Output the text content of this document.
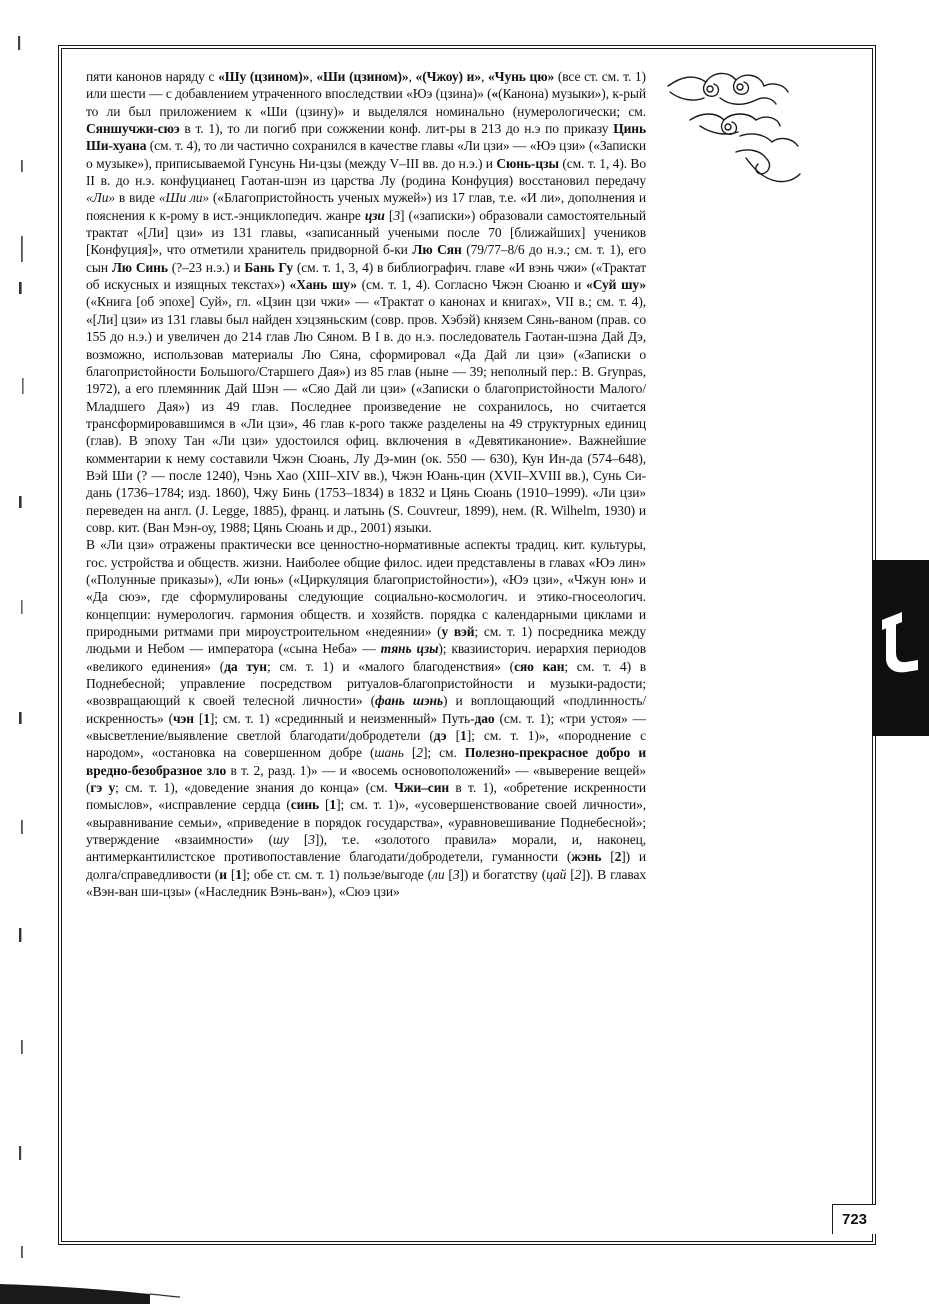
пяти канонов наряду с «Шу (цзином)», «Ши (цзином)», «(Чжоу) и», «Чунь цю» (все ст. см. т. 1) или шести — с добавлением утраченного впоследствии «Юэ (цзина)» («(Канона) музыки»), к-рый то ли был приложением к «Ши (цзину)» и выделялся номинально (нумерологически; см. Сяншучжи-сюэ в т. 1), то ли погиб при сожжении конф. лит-ры в 213 до н.э по приказу Цинь Ши-хуана (см. т. 4), то ли частично сохранился в качестве главы «Ли цзи» — «Юэ цзи» («Записки о музыке»), приписываемой Гунсунь Ни-цзы (между V–III вв. до н.э.) и Сюнь-цзы (см. т. 1, 4). Во II в. до н.э. конфуцианец Гаотан-шэн из царства Лу (родина Конфуция) восстановил передачу «Ли» в виде «Ши ли» («Благопристойность ученых мужей») из 17 глав, т.е. «И ли», дополнения и пояснения к к-рому в ист.-энциклопедич. жанре цзи [3] («записки») образовали самостоятельный трактат «[Ли] цзи» из 131 главы, «записанный учеными после 70 [ближайших] учеников [Конфуция]», что отметили хранитель придворной б-ки Лю Сян (79/77–8/6 до н.э.; см. т. 1), его сын Лю Синь (?–23 н.э.) и Бань Гу (см. т. 1, 3, 4) в библиографич. главе «И вэнь чжи» («Трактат об искусных и изящных текстах») «Хань шу» (см. т. 1, 4). Согласно Чжэн Сюаню и «Суй шу» («Книга [об эпохе] Суй», гл. «Цзин цзи чжи» — «Трактат о канонах и книгах», VII в.; см. т. 4), «[Ли] цзи» из 131 главы был найден хэцзяньским (совр. пров. Хэбэй) князем Сянь-ваном (прав. со 155 до н.э.) и увеличен до 214 глав Лю Сяном. В I в. до н.э. последователь Гаотан-шэна Дай Дэ, возможно, использовав материалы Лю Сяна, сформировал «Да Дай ли цзи» («Записки о благопристойности Большого/Старшего Дая») из 85 глав (ныне — 39; неполный пер.: B. Grynpas, 1972), а его племянник Дай Шэн — «Сяо Дай ли цзи» («Записки о благопристойности Малого/Младшего Дая») из 49 глав. Последнее произведение не сохранилось, но считается трансформировавшимся в «Ли цзи», 46 глав к-рого также разделены на 49 структурных единиц (глав). В эпоху Тан «Ли цзи» удостоился офиц. включения в «Девятиканоние». Важнейшие комментарии к нему составили Чжэн Сюань, Лу Дэ-мин (ок. 550 — 630), Кун Ин-да (574–648), Вэй Ши (? — после 1240), Чэнь Хао (XIII–XIV вв.), Чжэн Юань-цин (XVII–XVIII вв.), Сунь Си-дань (1736–1784; изд. 1860), Чжу Бинь (1753–1834) в 1832 и Цянь Сюань (1910–1999). «Ли цзи» переведен на англ. (J. Legge, 1885), франц. и латынь (S. Couvreur, 1899), нем. (R. Wilhelm, 1930) и совр. кит. (Ван Мэн-оу, 1988; Цянь Сюань и др., 2001) языки.

В «Ли цзи» отражены практически все ценностно-нормативные аспекты традиц. кит. культуры, гос. устройства и обществ. жизни. Наиболее общие филос. идеи представлены в главах «Юэ лин» («Полунные приказы»), «Ли юнь» («Циркуляция благопристойности»), «Юэ цзи», «Чжун юн» и «Да сюэ», где сформулированы следующие социально-космологич. и этико-гносеологич. концепции: нумерологич. гармония обществ. и хозяйств. порядка с календарными циклами и природными ритмами при мироустроительном «недеянии» (у вэй; см. т. 1) посредника между людьми и Небом — императора («сына Неба» — тянь цзы); квазиисторич. иерархия периодов «великого единения» (да тун; см. т. 1) и «малого благоденствия» (сяо кан; см. т. 4) в Поднебесной; управление посредством ритуалов-благопристойности и музыки-радости; «возвращающий к своей телесной личности» (фань шэнь) и воплощающий «подлинность/искренность» (чэн [1]; см. т. 1) «срединный и неизменный» Путь-дао (см. т. 1); «три устоя» — «высветление/выявление светлой благодати/добродетели (дэ [1]; см. т. 1)», «породнение с народом», «остановка на совершенном добре (шань [2]; см. Полезно-прекрасное добро и вредно-безобразное зло в т. 2, разд. 1)» — и «восемь основоположений» — «выверение вещей» (гэ у; см. т. 1), «доведение знания до конца» (см. Чжи–син в т. 1), «обретение искренности помыслов», «исправление сердца (синь [1]; см. т. 1)», «усовершенствование своей личности», «выравнивание семьи», «приведение в порядок государства», «уравновешивание Поднебесной»; утверждение «взаимности» (шу [3]), т.е. «золотого правила» морали, и, наконец, антимеркантилистское противопоставление благодати/добродетели, гуманности (жэнь [2]) и долга/справедливости (и [1]; обе ст. см. т. 1) пользе/выгоде (ли [3]) и богатству (цай [2]). В главах «Вэн-ван ши-цзы» («Наследник Вэнь-ван»), «Сюэ цзи»

723
